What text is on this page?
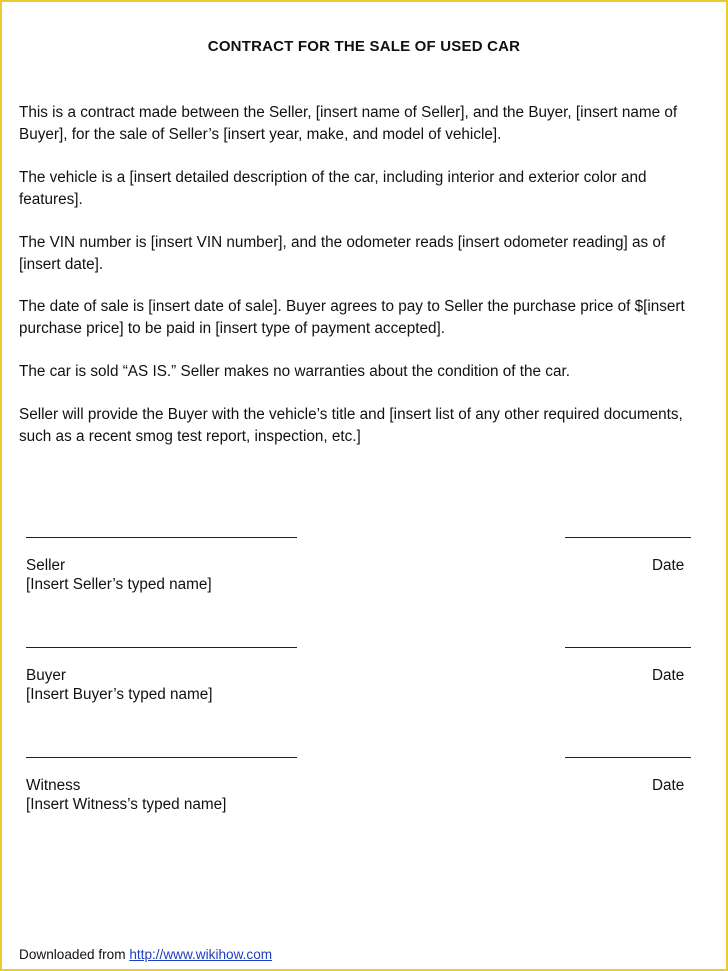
CONTRACT FOR THE SALE OF USED CAR

This is a contract made between the Seller, [insert name of Seller], and the Buyer, [insert name of Buyer], for the sale of Seller’s [insert year, make, and model of vehicle].

The vehicle is a [insert detailed description of the car, including interior and exterior color and features].

The VIN number is [insert VIN number], and the odometer reads [insert odometer reading] as of [insert date].

The date of sale is [insert date of sale]. Buyer agrees to pay to Seller the purchase price of $[insert purchase price] to be paid in [insert type of payment accepted].

The car is sold “AS IS.” Seller makes no warranties about the condition of the car.

Seller will provide the Buyer with the vehicle’s title and [insert list of any other required documents, such as a recent smog test report, inspection, etc.]

Seller	Date
[Insert Seller’s typed name]
Buyer	Date
[Insert Buyer’s typed name]
Witness	Date
[Insert Witness’s typed name]
Downloaded from http://www.wikihow.com
